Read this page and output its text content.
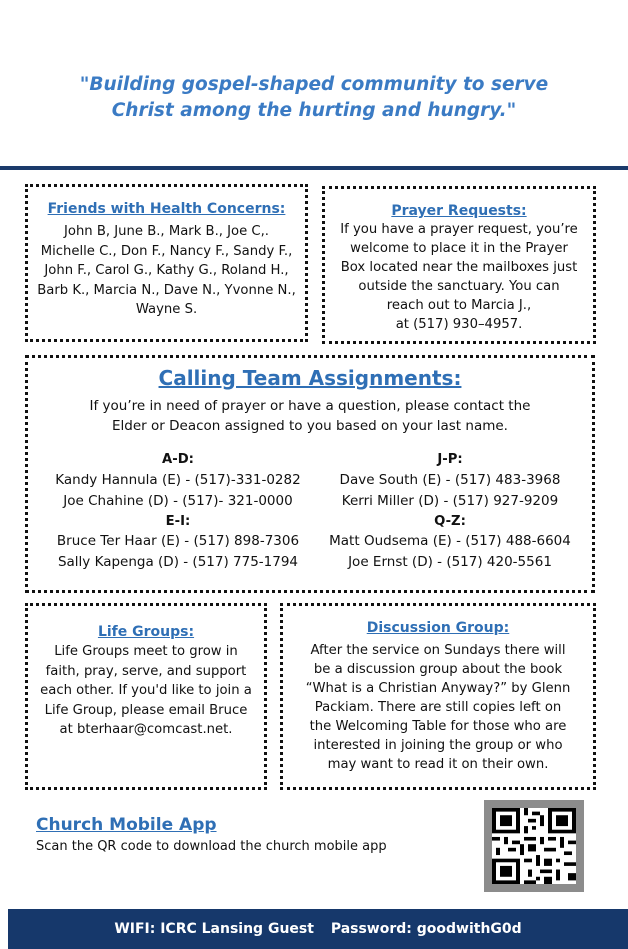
"Building gospel-shaped community to serve
Christ among the hurting and hungry."
Friends with Health Concerns:
John B, June B., Mark B., Joe C,.
Michelle C., Don F., Nancy F., Sandy F.,
John F., Carol G., Kathy G., Roland H.,
Barb K., Marcia N., Dave N., Yvonne N.,
Wayne S.
Prayer Requests:
If you have a prayer request, you’re
welcome to place it in the Prayer
Box located near the mailboxes just
outside the sanctuary. You can
reach out to Marcia J.,
at (517) 930–4957.
Calling Team Assignments:
If you’re in need of prayer or have a question, please contact the
Elder or Deacon assigned to you based on your last name.
A-D:
Kandy Hannula (E) - (517)-331-0282
Joe Chahine (D) - (517)- 321-0000
E-I:
Bruce Ter Haar (E) - (517) 898-7306
Sally Kapenga (D) - (517) 775-1794
J-P:
Dave South (E) - (517) 483-3968
Kerri Miller (D) - (517) 927-9209
Q-Z:
Matt Oudsema (E) - (517) 488-6604
Joe Ernst (D) - (517) 420-5561
Life Groups:
Life Groups meet to grow in
faith, pray, serve, and support
each other. If you'd like to join a
Life Group, please email Bruce
at bterhaar@comcast.net.
Discussion Group:
After the service on Sundays there will
be a discussion group about the book
“What is a Christian Anyway?” by Glenn
Packiam. There are still copies left on
the Welcoming Table for those who are
interested in joining the group or who
may want to read it on their own.
Church Mobile App
Scan the QR code to download the church mobile app
WIFI: ICRC Lansing Guest Password: goodwithG0d
